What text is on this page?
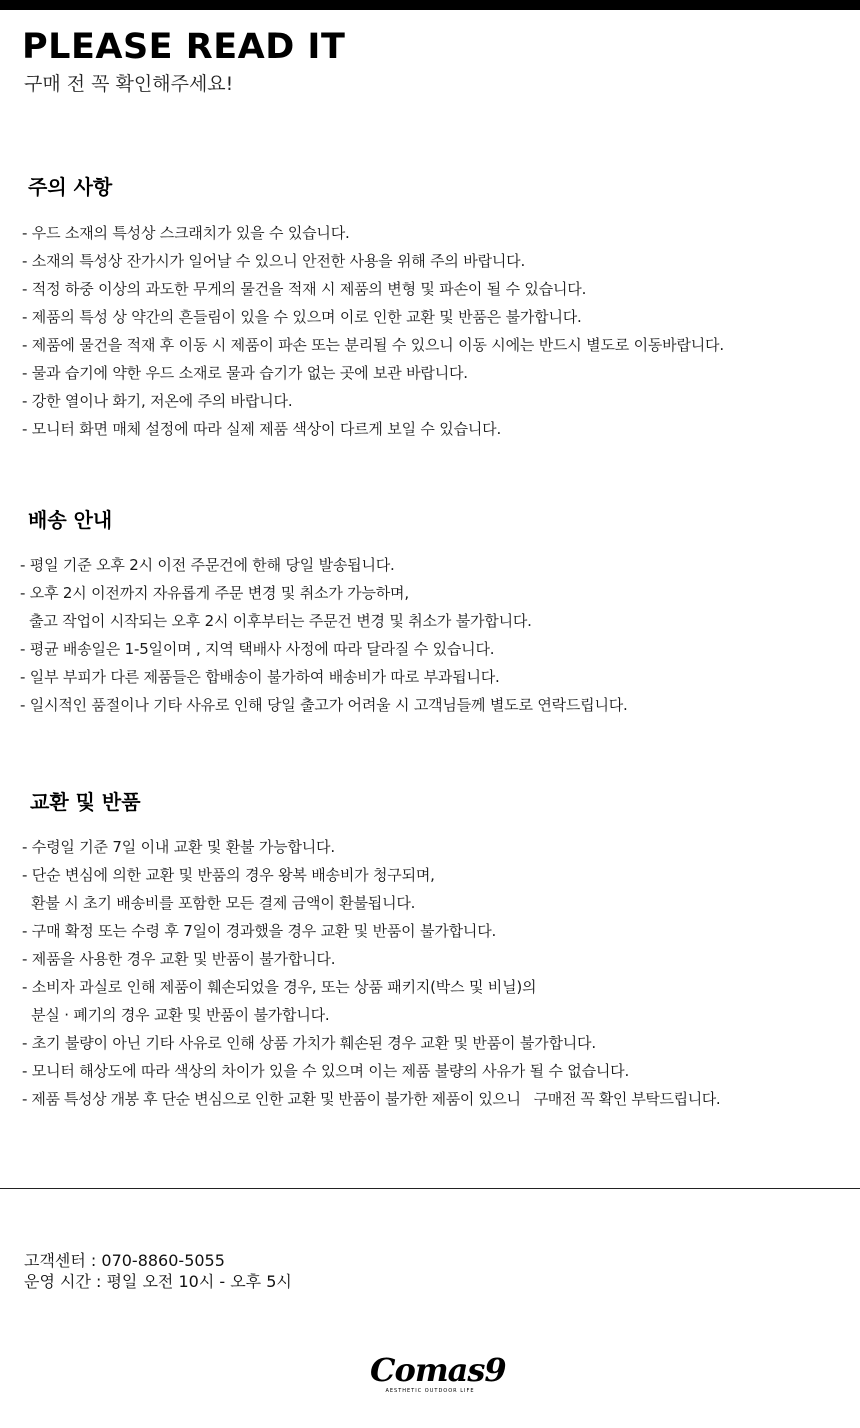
PLEASE READ IT
구매 전 꼭 확인해주세요!
주의 사항
- 우드 소재의 특성상 스크래치가 있을 수 있습니다.
- 소재의 특성상 잔가시가 일어날 수 있으니 안전한 사용을 위해 주의 바랍니다.
- 적정 하중 이상의 과도한 무게의 물건을 적재 시 제품의 변형 및 파손이 될 수 있습니다.
- 제품의 특성 상 약간의 흔들림이 있을 수 있으며 이로 인한 교환 및 반품은 불가합니다.
- 제품에 물건을 적재 후 이동 시 제품이 파손 또는 분리될 수 있으니 이동 시에는 반드시 별도로 이동바랍니다.
- 물과 습기에 약한 우드 소재로 물과 습기가 없는 곳에 보관 바랍니다.
- 강한 열이나 화기, 저온에 주의 바랍니다.
- 모니터 화면 매체 설정에 따라 실제 제품 색상이 다르게 보일 수 있습니다.
배송 안내
- 평일 기준 오후 2시 이전 주문건에 한해 당일 발송됩니다.
- 오후 2시 이전까지 자유롭게 주문 변경 및 취소가 가능하며,
출고 작업이 시작되는 오후 2시 이후부터는 주문건 변경 및 취소가 불가합니다.
- 평균 배송일은 1-5일이며 , 지역 택배사 사정에 따라 달라질 수 있습니다.
- 일부 부피가 다른 제품들은 합배송이 불가하여 배송비가 따로 부과됩니다.
- 일시적인 품절이나 기타 사유로 인해 당일 출고가 어려울 시 고객님들께 별도로 연락드립니다.
교환 및 반품
- 수령일 기준 7일 이내 교환 및 환불 가능합니다.
- 단순 변심에 의한 교환 및 반품의 경우 왕복 배송비가 청구되며,
환불 시 초기 배송비를 포함한 모든 결제 금액이 환불됩니다.
- 구매 확정 또는 수령 후 7일이 경과했을 경우 교환 및 반품이 불가합니다.
- 제품을 사용한 경우 교환 및 반품이 불가합니다.
- 소비자 과실로 인해 제품이 훼손되었을 경우, 또는 상품 패키지(박스 및 비닐)의
분실 · 폐기의 경우 교환 및 반품이 불가합니다.
- 초기 불량이 아닌 기타 사유로 인해 상품 가치가 훼손된 경우 교환 및 반품이 불가합니다.
- 모니터 해상도에 따라 색상의 차이가 있을 수 있으며 이는 제품 불량의 사유가 될 수 없습니다.
- 제품 특성상 개봉 후 단순 변심으로 인한 교환 및 반품이 불가한 제품이 있으니   구매전 꼭 확인 부탁드립니다.
고객센터 : 070-8860-5055
운영 시간 : 평일 오전 10시 - 오후 5시
Comas9
AESTHETIC OUTDOOR LIFE
